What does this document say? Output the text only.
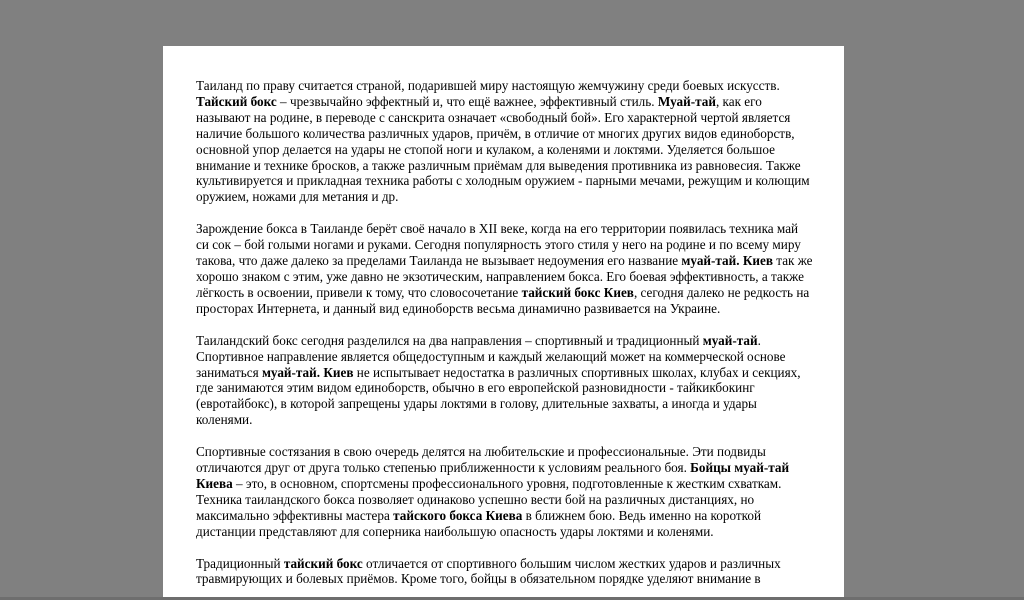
Таиланд по праву считается страной, подарившей миру настоящую жемчужину среди боевых искусств. Тайский бокс – чрезвычайно эффектный и, что ещё важнее, эффективный стиль. Муай-тай, как его называют на родине, в переводе с санскрита означает «свободный бой». Его характерной чертой является наличие большого количества различных ударов, причём, в отличие от многих других видов единоборств, основной упор делается на удары не стопой ноги и кулаком, а коленями и локтями. Уделяется большое внимание и технике бросков, а также различным приёмам для выведения противника из равновесия. Также культивируется и прикладная техника работы с холодным оружием - парными мечами, режущим и колющим оружием, ножами для метания и др.

Зарождение бокса в Таиланде берёт своё начало в XII веке, когда на его территории появилась техника май си сок – бой голыми ногами и руками. Сегодня популярность этого стиля у него на родине и по всему миру такова, что даже далеко за пределами Таиланда не вызывает недоумения его название муай-тай. Киев так же хорошо знаком с этим, уже давно не экзотическим, направлением бокса. Его боевая эффективность, а также лёгкость в освоении, привели к тому, что словосочетание тайский бокс Киев, сегодня далеко не редкость на просторах Интернета, и данный вид единоборств весьма динамично развивается на Украине.

Таиландский бокс сегодня разделился на два направления – спортивный и традиционный муай-тай. Спортивное направление является общедоступным и каждый желающий может на коммерческой основе заниматься муай-тай. Киев не испытывает недостатка в различных спортивных школах, клубах и секциях, где занимаются этим видом единоборств, обычно в его европейской разновидности - тайкикбокинг (евротайбокс), в которой запрещены удары локтями в голову, длительные захваты, а иногда и удары коленями.

Спортивные состязания в свою очередь делятся на любительские и профессиональные. Эти подвиды отличаются друг от друга только степенью приближенности к условиям реального боя. Бойцы муай-тай Киева – это, в основном, спортсмены профессионального уровня, подготовленные к жестким схваткам. Техника таиландского бокса позволяет одинаково успешно вести бой на различных дистанциях, но максимально эффективны мастера тайского бокса Киева в ближнем бою. Ведь именно на короткой дистанции представляют для соперника наибольшую опасность удары локтями и коленями.

Традиционный тайский бокс отличается от спортивного большим числом жестких ударов и различных травмирующих и болевых приёмов. Кроме того, бойцы в обязательном порядке уделяют внимание в
